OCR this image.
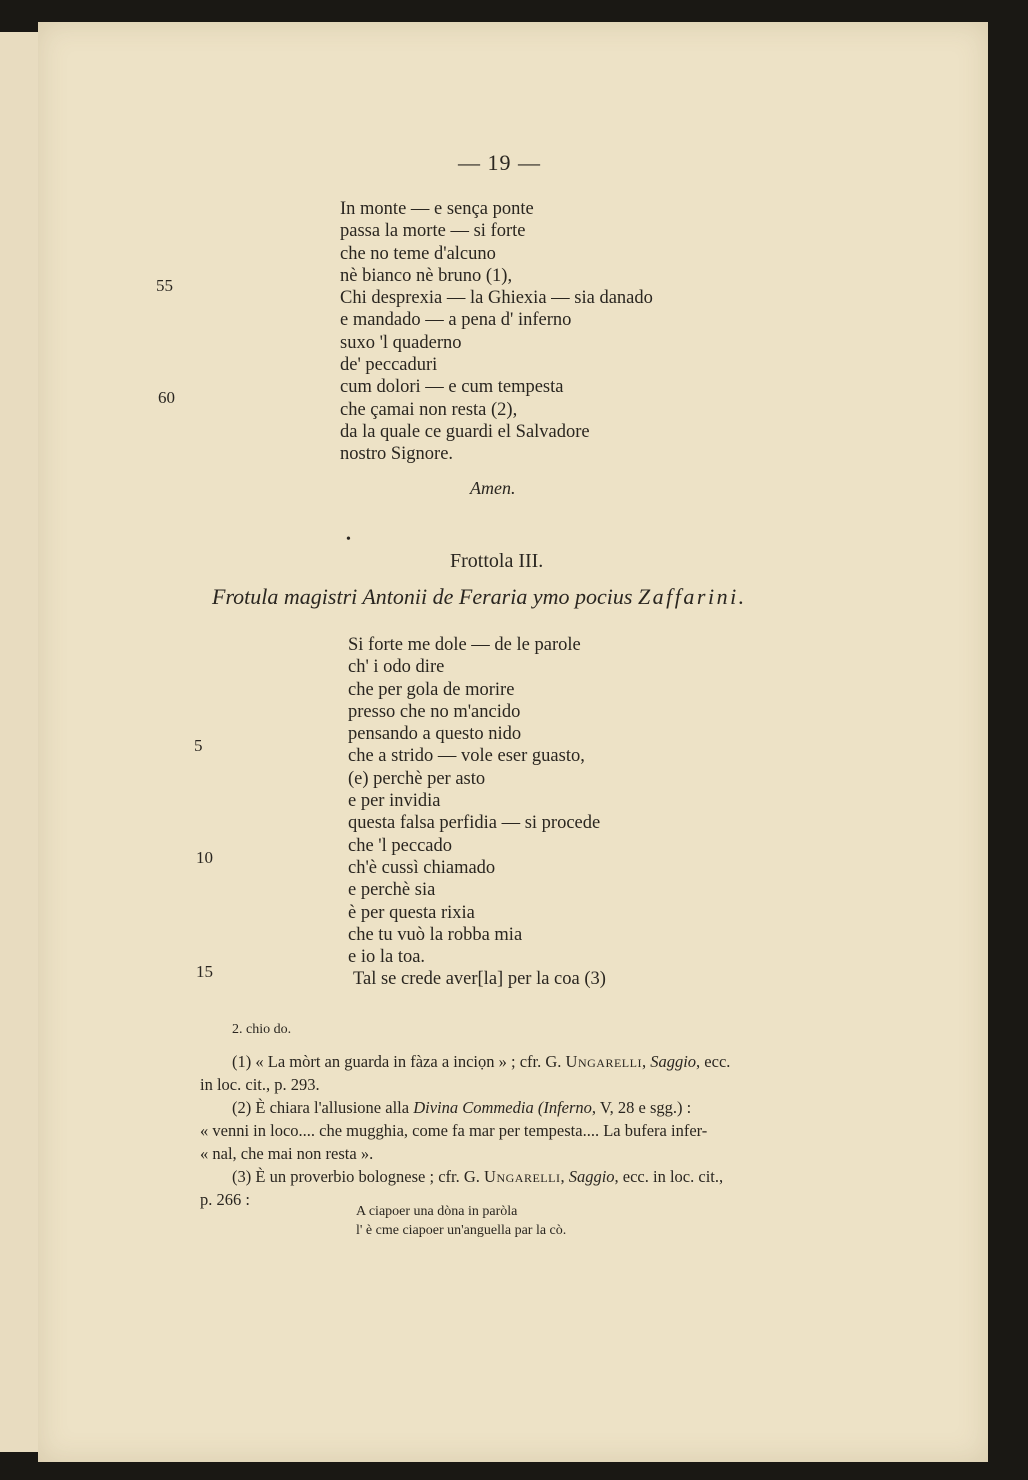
— 19 —
55
60
In monte — e sença ponte
passa la morte — si forte
che no teme d'alcuno
nè bianco nè bruno (1),
Chi desprexia — la Ghiexia — sia danado
e mandado — a pena d' inferno
suxo 'l quaderno
de' peccaduri
cum dolori — e cum tempesta
che çamai non resta (2),
da la quale ce guardi el Salvadore
nostro Signore.
Amen.
•
Frottola III.
Frotula magistri Antonii de Feraria ymo pocius Zaffarini.
5
10
15
Si forte me dole — de le parole
ch' i odo dire
che per gola de morire
presso che no m'ancido
pensando a questo nido
che a strido — vole eser guasto,
(e) perchè per asto
e per invidia
questa falsa perfidia — si procede
che 'l peccado
ch'è cussì chiamado
e perchè sia
è per questa rixia
che tu vuò la robba mia
e io la toa.
Tal se crede aver[la] per la coa (3)
2. chio do.
(1) « La mòrt an guarda in fàza a inciọn » ; cfr. G. Ungarelli, Saggio, ecc.
in loc. cit., p. 293.
(2) È chiara l'allusione alla Divina Commedia (Inferno, V, 28 e sgg.) :
« venni in loco.... che mugghia, come fa mar per tempesta.... La bufera infer-
« nal, che mai non resta ».
(3) È un proverbio bolognese ; cfr. G. Ungarelli, Saggio, ecc. in loc. cit.,
p. 266 :
A ciapoer una dòna in paròla
l' è cme ciapoer un'anguella par la cò.
